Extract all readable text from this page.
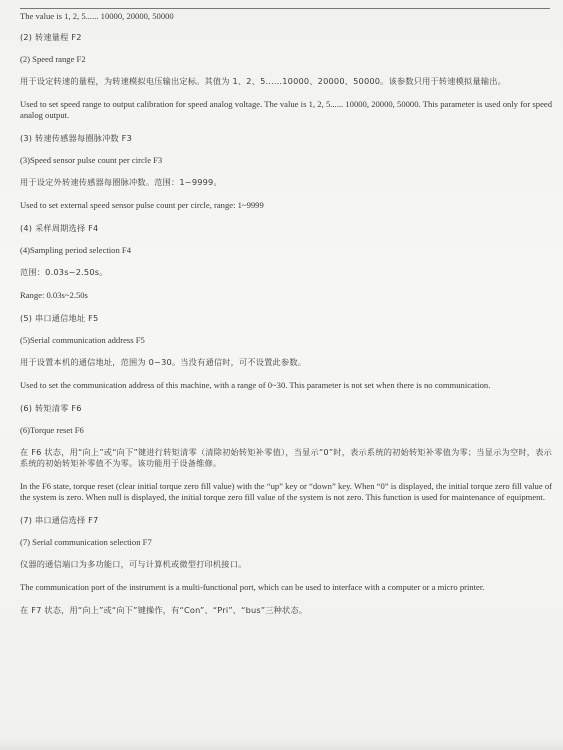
The value is 1, 2, 5...... 10000, 20000, 50000
(2) 转速量程 F2
(2) Speed range F2
用于设定转速的量程，为转速模拟电压输出定标。其值为 1、2、5……10000、20000、50000。该参数只用于转速模拟量输出。
Used to set speed range to output calibration for speed analog voltage. The value is 1, 2, 5...... 10000, 20000, 50000. This parameter is used only for speed analog output.
(3) 转速传感器每圈脉冲数 F3
(3)Speed sensor pulse count per circle F3
用于设定外转速传感器每圈脉冲数。范围：1~9999。
Used to set external speed sensor pulse count per circle, range: 1~9999
(4) 采样周期选择 F4
(4)Sampling period selection F4
范围：0.03s~2.50s。
Range: 0.03s~2.50s
(5) 串口通信地址 F5
(5)Serial communication address F5
用于设置本机的通信地址，范围为 0~30。当没有通信时，可不设置此参数。
Used to set the communication address of this machine, with a range of 0~30. This parameter is not set when there is no communication.
(6) 转矩清零 F6
(6)Torque reset F6
在 F6 状态，用“向上”或“向下”键进行转矩清零（清除初始转矩补零值），当显示“0”时，表示系统的初始转矩补零值为零；当显示为空时，表示系统的初始转矩补零值不为零。该功能用于设备维修。
In the F6 state, torque reset (clear initial torque zero fill value) with the “up” key or “down” key. When “0” is displayed, the initial torque zero fill value of the system is zero. When null is displayed, the initial torque zero fill value of the system is not zero. This function is used for maintenance of equipment.
(7) 串口通信选择 F7
(7) Serial communication selection F7
仪器的通信端口为多功能口，可与计算机或微型打印机接口。
The communication port of the instrument is a multi-functional port, which can be used to interface with a computer or a micro printer.
在 F7 状态，用“向上”或“向下”键操作，有“Con”、“Pri”、“bus”三种状态。
